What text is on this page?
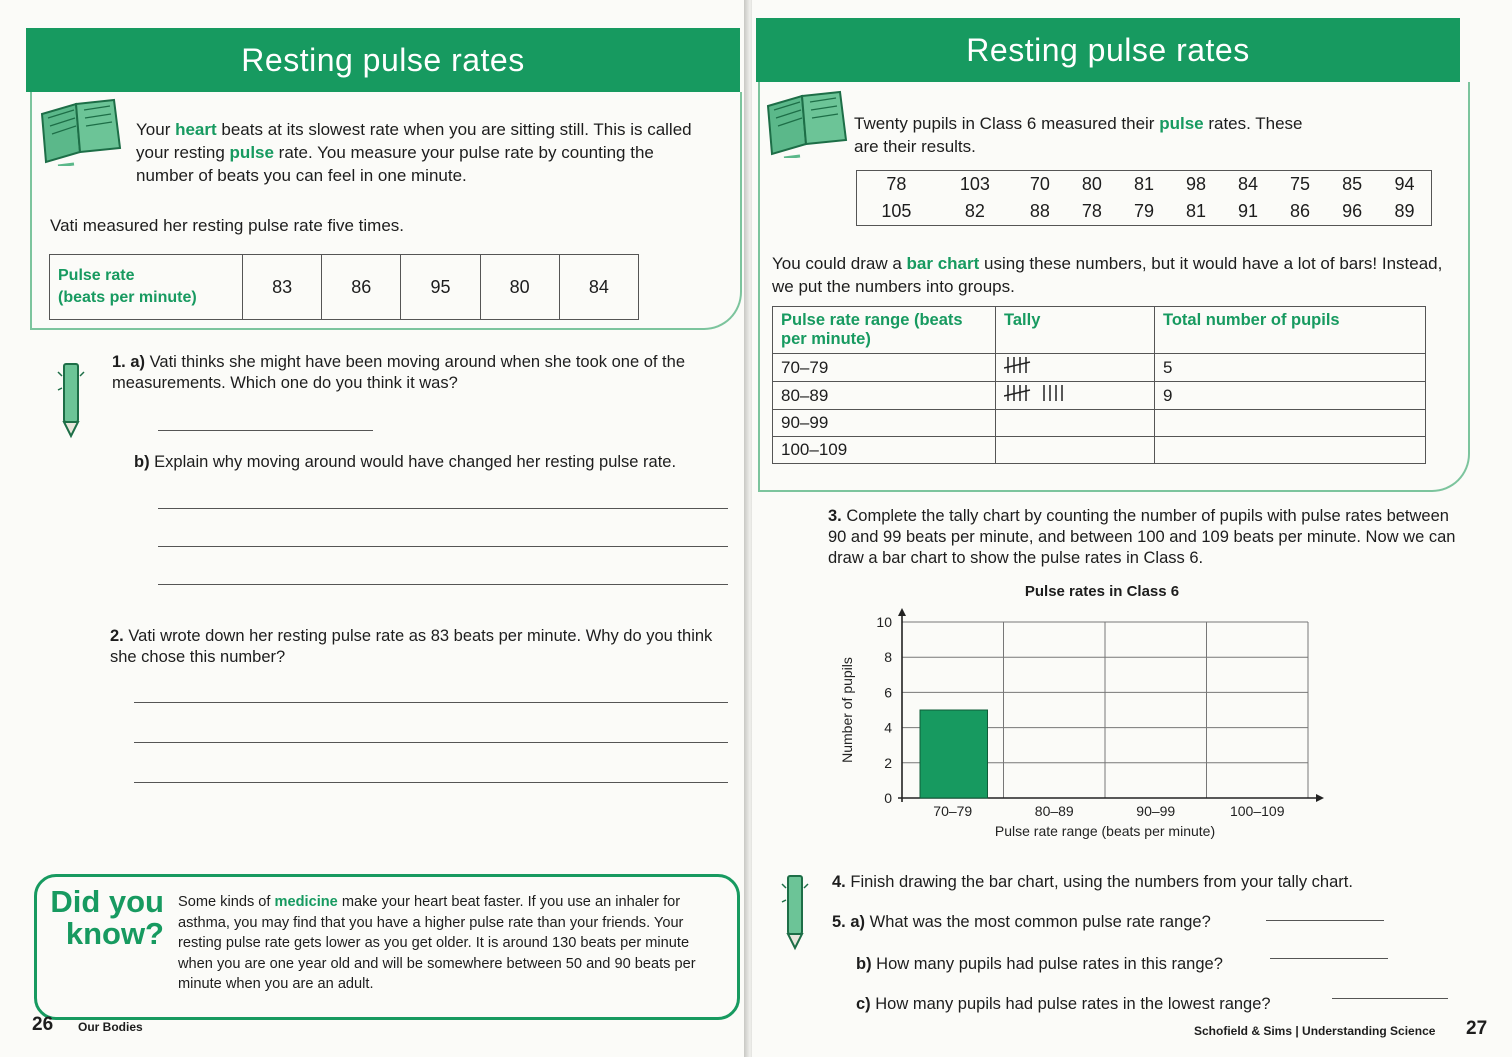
Resting pulse rates
Your heart beats at its slowest rate when you are sitting still. This is called your resting pulse rate. You measure your pulse rate by counting the number of beats you can feel in one minute.
Vati measured her resting pulse rate five times.
Pulse rate
(beats per minute)
	83	86	95	80	84
1. a) Vati thinks she might have been moving around when she took one of the measurements. Which one do you think it was?
b) Explain why moving around would have changed her resting pulse rate.
2. Vati wrote down her resting pulse rate as 83 beats per minute. Why do you think she chose this number?
Did you
know?
Some kinds of medicine make your heart beat faster. If you use an inhaler for asthma, you may find that you have a higher pulse rate than your friends. Your resting pulse rate gets lower as you get older. It is around 130 beats per minute when you are one year old and will be somewhere between 50 and 90 beats per minute when you are an adult.
26 Our Bodies
Resting pulse rates
Twenty pupils in Class 6 measured their pulse rates. These are their results.
78	103	70	80	81	98	84	75	85	94
105	82	88	78	79	81	91	86	96	89
You could draw a bar chart using these numbers, but it would have a lot of bars! Instead, we put the numbers into groups.
Pulse rate range (beats per minute)	Tally	Total number of pupils
70–79		5
80–89		9
90–99		
100–109		
3. Complete the tally chart by counting the number of pupils with pulse rates between 90 and 99 beats per minute, and between 100 and 109 beats per minute. Now we can draw a bar chart to show the pulse rates in Class 6.
Pulse rates in Class 6
0
2
4
6
8
10
70–79	80–89	90–99	100–109
Pulse rate range (beats per minute)
Number of pupils
4. Finish drawing the bar chart, using the numbers from your tally chart.
5. a) What was the most common pulse rate range?
b) How many pupils had pulse rates in this range?
c) How many pupils had pulse rates in the lowest range?
Schofield & Sims | Understanding Science 27
